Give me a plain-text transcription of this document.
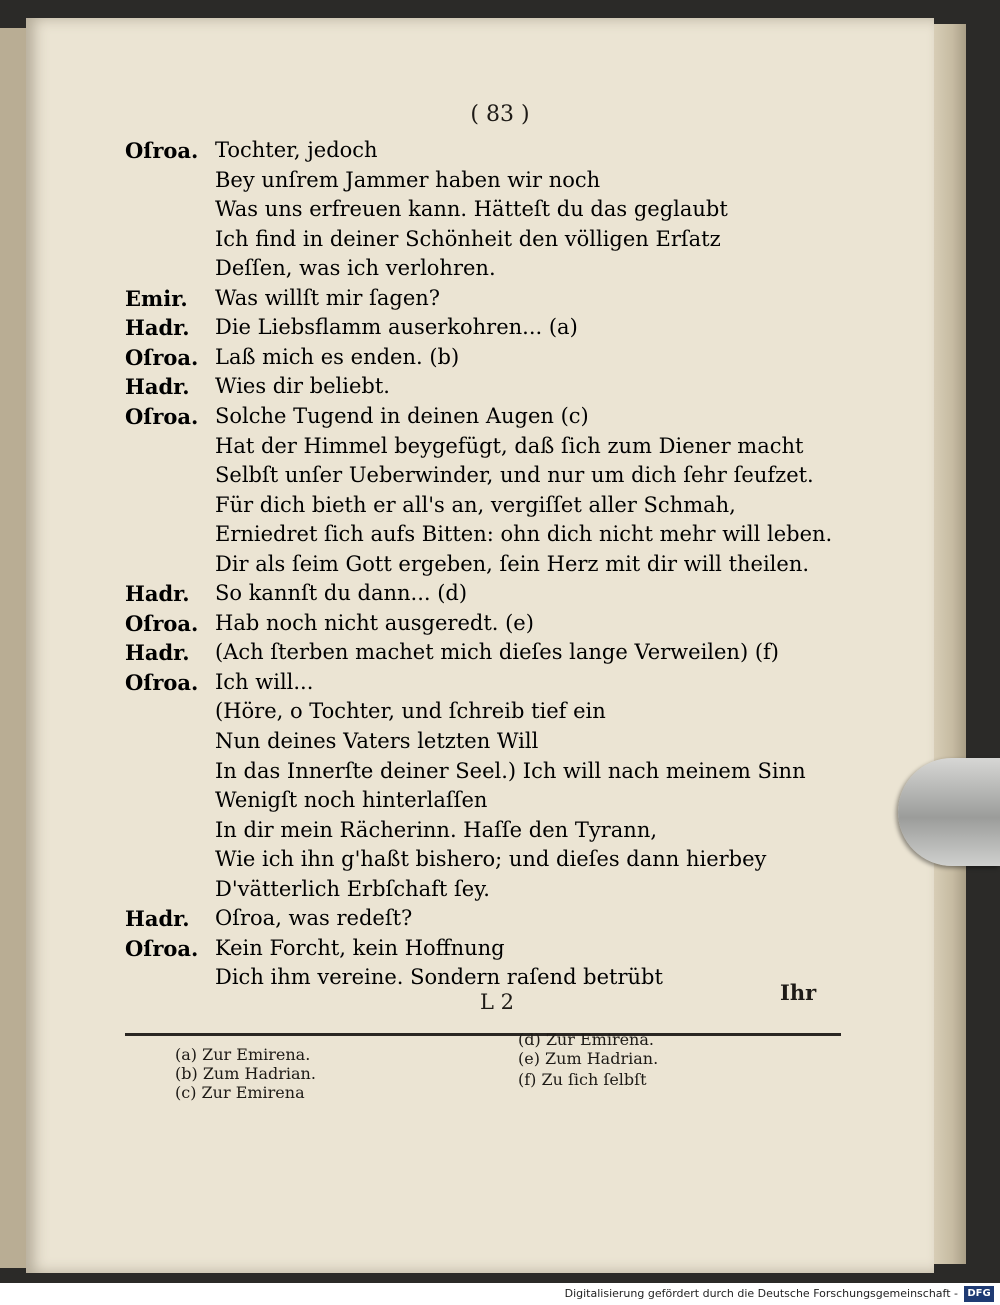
( 83 )
Oſroa. Tochter, jedoch
Bey unſrem Jammer haben wir noch
Was uns erfreuen kann. Hätteſt du das geglaubt
Ich find in deiner Schönheit den völligen Erſatz
Deſſen, was ich verlohren.
Emir. Was willſt mir ſagen?
Hadr. Die Liebsflamm auserkohren... (a)
Oſroa. Laß mich es enden. (b)
Hadr. Wies dir beliebt.
Oſroa. Solche Tugend in deinen Augen (c)
Hat der Himmel beygefügt, daß ſich zum Diener macht
Selbſt unſer Ueberwinder, und nur um dich ſehr ſeufzet.
Für dich bieth er all's an, vergiſſet aller Schmah,
Erniedret ſich aufs Bitten: ohn dich nicht mehr will leben.
Dir als ſeim Gott ergeben, ſein Herz mit dir will theilen.
Hadr. So kannſt du dann... (d)
Oſroa. Hab noch nicht ausgeredt. (e)
Hadr. (Ach ſterben machet mich dieſes lange Verweilen) (f)
Oſroa. Ich will...
(Höre, o Tochter, und ſchreib tief ein
Nun deines Vaters letzten Will
In das Innerſte deiner Seel.) Ich will nach meinem Sinn
Wenigſt noch hinterlaſſen
In dir mein Rächerinn. Haſſe den Tyrann,
Wie ich ihn g'haßt bishero; und dieſes dann hierbey
D'vätterlich Erbſchaft ſey.
Hadr. Oſroa, was redeſt?
Oſroa. Kein Forcht, kein Hoffnung
Dich ihm vereine. Sondern raſend betrübt
L 2	Ihr
(a) Zur Emirena.
(b) Zum Hadrian.
(c) Zur Emirena
(d) Zur Emirena.
(e) Zum Hadrian.
(f) Zu ſich ſelbſt
Digitalisierung gefördert durch die Deutsche Forschungsgemeinschaft - DFG
